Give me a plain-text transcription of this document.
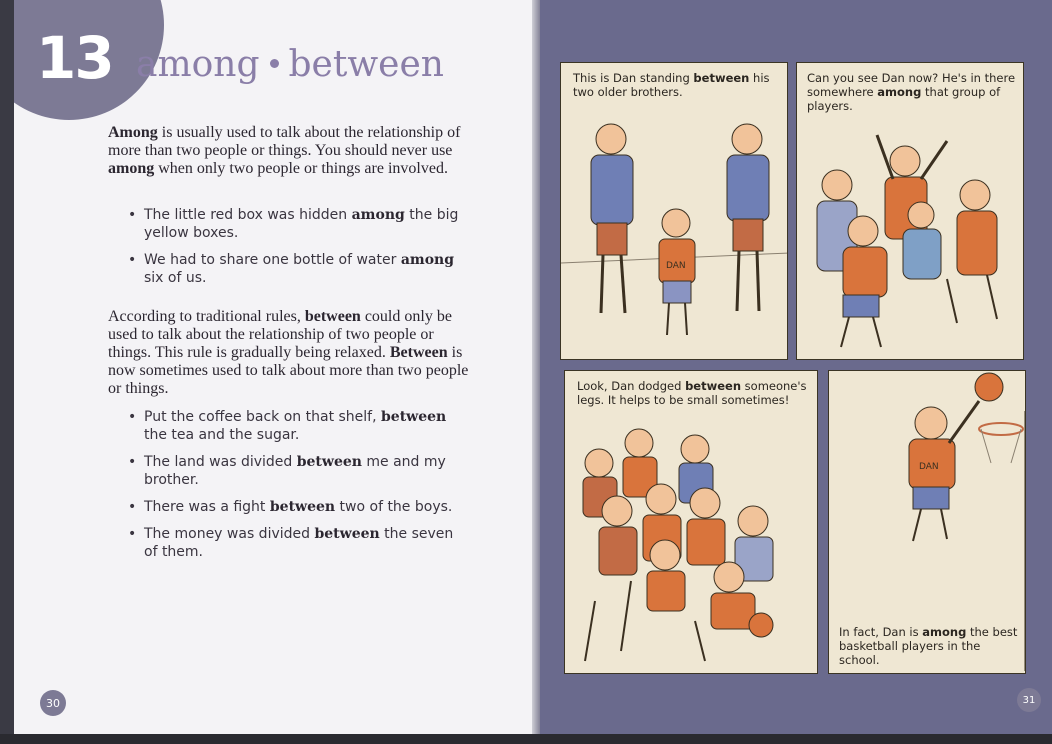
13 among between

Among is usually used to talk about the relationship of more than two people or things. You should never use among when only two people or things are involved.

• The little red box was hidden among the big yellow boxes.
• We had to share one bottle of water among six of us.

According to traditional rules, between could only be used to talk about the relationship of two people or things. This rule is gradually being relaxed. Between is now sometimes used to talk about more than two people or things.

• Put the coffee back on that shelf, between the tea and the sugar.
• The land was divided between me and my brother.
• There was a fight between two of the boys.
• The money was divided between the seven of them.
30
DAN
This is Dan standing between his two older brothers.
Can you see Dan now? He's in there somewhere among that group of players.
Look, Dan dodged between someone's legs. It helps to be small sometimes!
DAN
In fact, Dan is among the best basketball players in the school.
31
